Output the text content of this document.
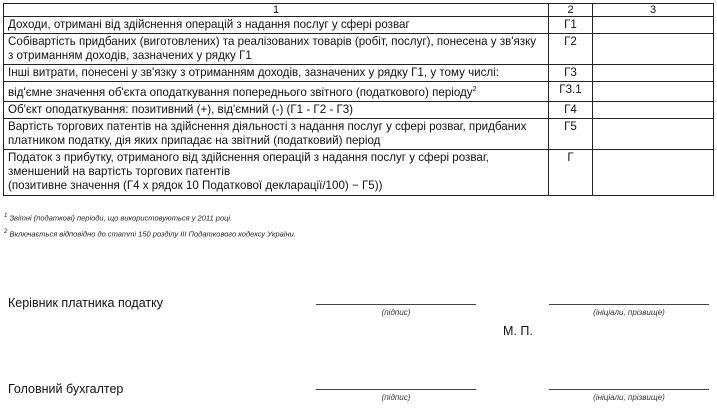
1	2	3
Доходи, отримані від здійснення операцій з надання послуг у сфері розваг	Г1	
Собівартість придбаних (виготовлених) та реалізованих товарів (робіт, послуг), понесена у зв'язку з отриманням доходів, зазначених у рядку Г1	Г2	
Інші витрати, понесені у зв'язку з отриманням доходів, зазначених у рядку Г1, у тому числі:	Г3	
від'ємне значення об'єкта оподаткування попереднього звітного (податкового) періоду$^2$	Г3.1	
Об'єкт оподаткування: позитивний (+), від'ємний (-) (Г1 - Г2 - Г3)	Г4	
Вартість торгових патентів на здійснення діяльності з надання послуг у сфері розваг, придбаних платником податку, дія яких припадає на звітний (податковий) період	Г5	

Податок з прибутку, отриманого від здійснення операцій з надання послуг у сфері розваг, зменшений на вартість торгових патентів
(позитивне значення (Г4 х рядок 10 Податкової декларації/100) − Г5))	Г	
$^1$ Звітні (податкові) періоди, що використовуються у 2011 році.
$^2$ Включається відповідно до статті 150 розділу ІІІ Податкового кодексу України.
Керівник платника податку
(підпис)	(ініціали, прізвище)
М. П.
Головний бухгалтер
(підпис)	(ініціали, прізвище)
